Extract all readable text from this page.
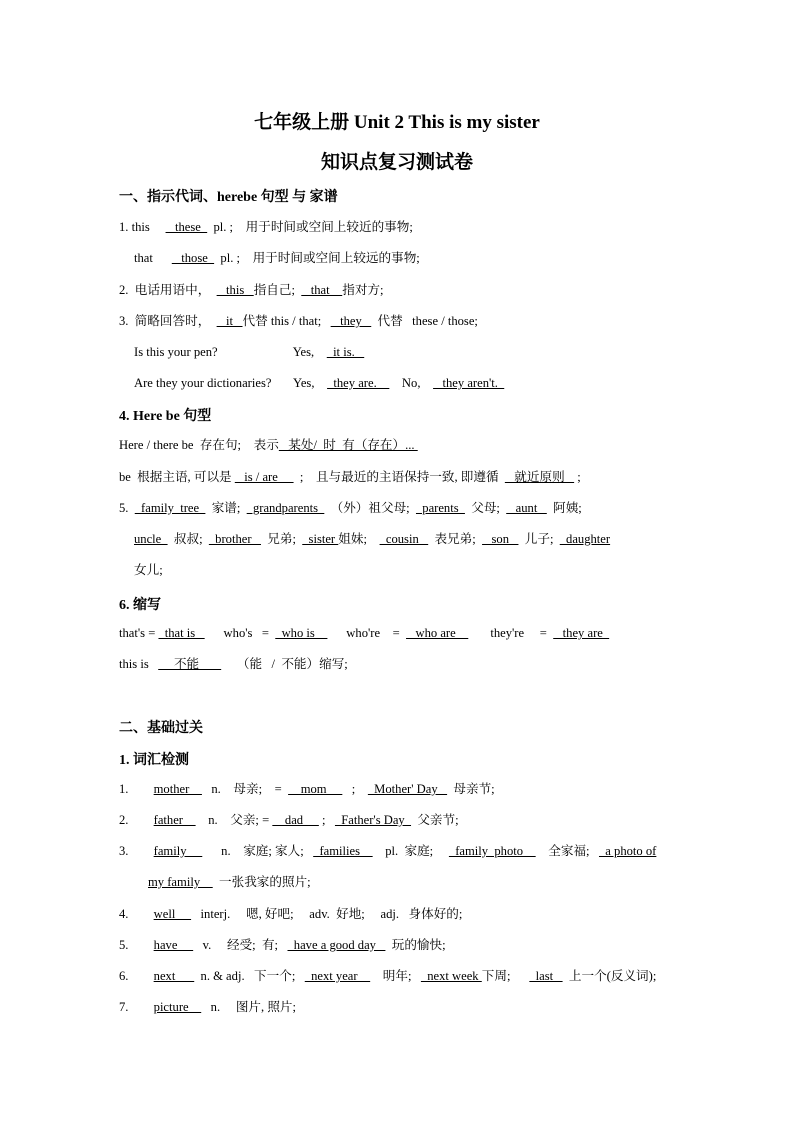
七年级上册 Unit 2 This is my sister
知识点复习测试卷
一、指示代词、herebe 句型 与 家谱
1. this        these    pl. ;    用于时间或空间上较近的事物;
that         those    pl. ;    用于时间或空间上较远的事物;
2.  电话用语中，     this   指自己;     that    指对方;
3.  简略回答时，     it   代替 this / that;      they     代替   these / those;
Is this your pen?                        Yes,      it is.
Are they your dictionaries?       Yes,      they are.        No,       they aren't.
4. Here be 句型
Here / there be  存在句;    表示   某处/  时  有（存在）...
be  根据主语, 可以是    is / are       ;    且与最近的主语保持一致, 即遵循     就近原则    ;
5.    family  tree    家谱;    grandparents    （外）祖父母;    parents    父母;     aunt     阿姨;
uncle    叔叔;    brother     兄弟;    sister 姐妹;      cousin     表兄弟;     son     儿子;    daughter
女儿;
6. 缩写
that's =   that is         who's   =    who is          who're    =     who are           they're     =     they are
this is        不能            （能   /  不能）缩写;
二、基础过关
1. 词汇检测
1.        mother       n.    母亲;    =      mom        ;      Mother' Day     母亲节;
2.        father        n.    父亲; =     dad      ;     Father's Day    父亲节;
3.        family           n.    家庭; 家人;     families        pl.  家庭;       family  photo        全家福;     a photo of
my family      一张我家的照片;
4.        well        interj.     嗯, 好吧;     adv.  好地;     adj.   身体好的;
5.        have        v.     经受;  有;     have a good day     玩的愉快;
6.        next        n. & adj.   下一个;     next year        明年;     next week 下周;        last     上一个(反义词);
7.        picture       n.     图片, 照片;
